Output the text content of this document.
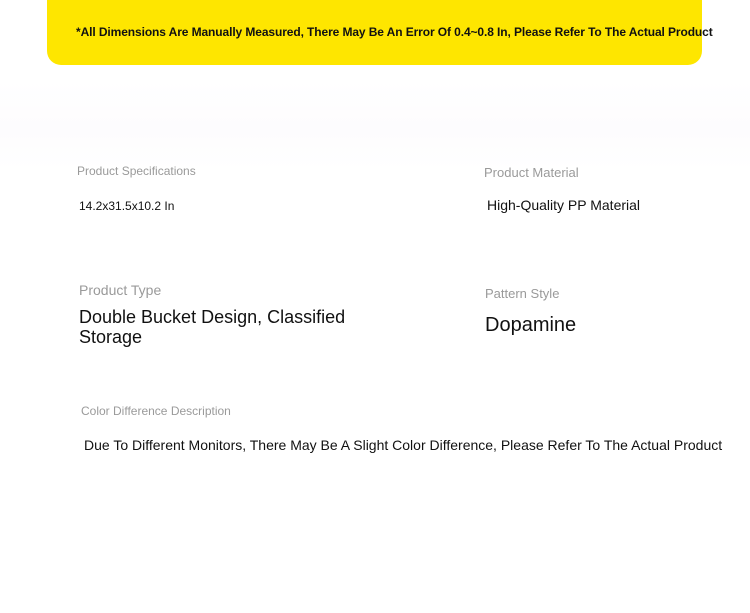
*All Dimensions Are Manually Measured, There May Be An Error Of 0.4~0.8 In, Please Refer To The Actual Product
Product Specifications
14.2x31.5x10.2 In
Product Material
High-Quality PP Material
Product Type
Double Bucket Design, Classified Storage
Pattern Style
Dopamine
Color Difference Description
Due To Different Monitors, There May Be A Slight Color Difference, Please Refer To The Actual Product
